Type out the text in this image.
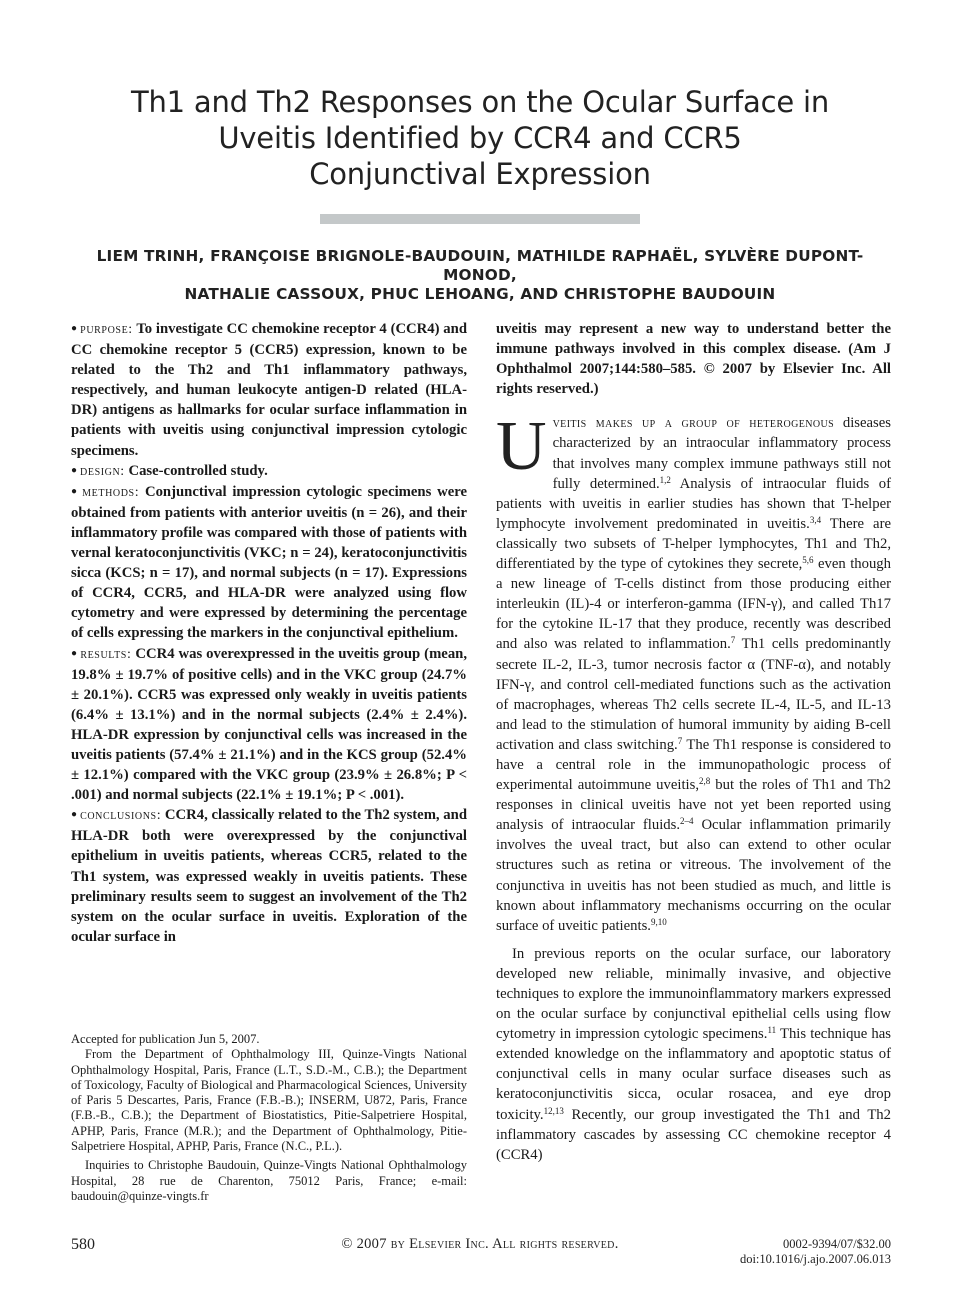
Th1 and Th2 Responses on the Ocular Surface in
Uveitis Identified by CCR4 and CCR5
Conjunctival Expression
LIEM TRINH, FRANÇOISE BRIGNOLE-BAUDOUIN, MATHILDE RAPHAËL, SYLVÈRE DUPONT-MONOD,
NATHALIE CASSOUX, PHUC LEHOANG, AND CHRISTOPHE BAUDOUIN
● purpose: To investigate CC chemokine receptor 4 (CCR4) and CC chemokine receptor 5 (CCR5) expression, known to be related to the Th2 and Th1 inflammatory pathways, respectively, and human leukocyte antigen-D related (HLA-DR) antigens as hallmarks for ocular surface inflammation in patients with uveitis using conjunctival impression cytologic specimens.
● design: Case-controlled study.
● methods: Conjunctival impression cytologic specimens were obtained from patients with anterior uveitis (n = 26), and their inflammatory profile was compared with those of patients with vernal keratoconjunctivitis (VKC; n = 24), keratoconjunctivitis sicca (KCS; n = 17), and normal subjects (n = 17). Expressions of CCR4, CCR5, and HLA-DR were analyzed using flow cytometry and were expressed by determining the percentage of cells expressing the markers in the conjunctival epithelium.
● results: CCR4 was overexpressed in the uveitis group (mean, 19.8% ± 19.7% of positive cells) and in the VKC group (24.7% ± 20.1%). CCR5 was expressed only weakly in uveitis patients (6.4% ± 13.1%) and in the normal subjects (2.4% ± 2.4%). HLA-DR expression by conjunctival cells was increased in the uveitis patients (57.4% ± 21.1%) and in the KCS group (52.4% ± 12.1%) compared with the VKC group (23.9% ± 26.8%; P < .001) and normal subjects (22.1% ± 19.1%; P < .001).
● conclusions: CCR4, classically related to the Th2 system, and HLA-DR both were overexpressed by the conjunctival epithelium in uveitis patients, whereas CCR5, related to the Th1 system, was expressed weakly in uveitis patients. These preliminary results seem to suggest an involvement of the Th2 system on the ocular surface in uveitis. Exploration of the ocular surface in

Accepted for publication Jun 5, 2007.

From the Department of Ophthalmology III, Quinze-Vingts National Ophthalmology Hospital, Paris, France (L.T., S.D.-M., C.B.); the Department of Toxicology, Faculty of Biological and Pharmacological Sciences, University of Paris 5 Descartes, Paris, France (F.B.-B.); INSERM, U872, Paris, France (F.B.-B., C.B.); the Department of Biostatistics, Pitie-Salpetriere Hospital, APHP, Paris, France (M.R.); and the Department of Ophthalmology, Pitie-Salpetriere Hospital, APHP, Paris, France (N.C., P.L.).

Inquiries to Christophe Baudouin, Quinze-Vingts National Ophthalmology Hospital, 28 rue de Charenton, 75012 Paris, France; e-mail: baudouin@quinze-vingts.fr

uveitis may represent a new way to understand better the immune pathways involved in this complex disease. (Am J Ophthalmol 2007;144:580–585. © 2007 by Elsevier Inc. All rights reserved.)

Uveitis makes up a group of heterogenous diseases characterized by an intraocular inflammatory process that involves many complex immune pathways still not fully determined.$^{1,2}$ Analysis of intraocular fluids of patients with uveitis in earlier studies has shown that T-helper lymphocyte involvement predominated in uveitis.$^{3,4}$ There are classically two subsets of T-helper lymphocytes, Th1 and Th2, differentiated by the type of cytokines they secrete,$^{5,6}$ even though a new lineage of T-cells distinct from those producing either interleukin (IL)-4 or interferon-gamma (IFN-γ), and called Th17 for the cytokine IL-17 that they produce, recently was described and also was related to inflammation.$^7$ Th1 cells predominantly secrete IL-2, IL-3, tumor necrosis factor α (TNF-α), and notably IFN-γ, and control cell-mediated functions such as the activation of macrophages, whereas Th2 cells secrete IL-4, IL-5, and IL-13 and lead to the stimulation of humoral immunity by aiding B-cell activation and class switching.$^7$ The Th1 response is considered to have a central role in the immunopathologic process of experimental autoimmune uveitis,$^{2,8}$ but the roles of Th1 and Th2 responses in clinical uveitis have not yet been reported using analysis of intraocular fluids.$^{2-4}$ Ocular inflammation primarily involves the uveal tract, but also can extend to other ocular structures such as retina or vitreous. The involvement of the conjunctiva in uveitis has not been studied as much, and little is known about inflammatory mechanisms occurring on the ocular surface of uveitic patients.$^{9,10}$

In previous reports on the ocular surface, our laboratory developed new reliable, minimally invasive, and objective techniques to explore the immunoinflammatory markers expressed on the ocular surface by conjunctival epithelial cells using flow cytometry in impression cytologic specimens.$^{11}$ This technique has extended knowledge on the inflammatory and apoptotic status of conjunctival cells in many ocular surface diseases such as keratoconjunctivitis sicca, ocular rosacea, and eye drop toxicity.$^{12,13}$ Recently, our group investigated the Th1 and Th2 inflammatory cascades by assessing CC chemokine receptor 4 (CCR4)

580	© 2007 by Elsevier Inc. All rights reserved.	0002-9394/07/$32.00
doi:10.1016/j.ajo.2007.06.013
